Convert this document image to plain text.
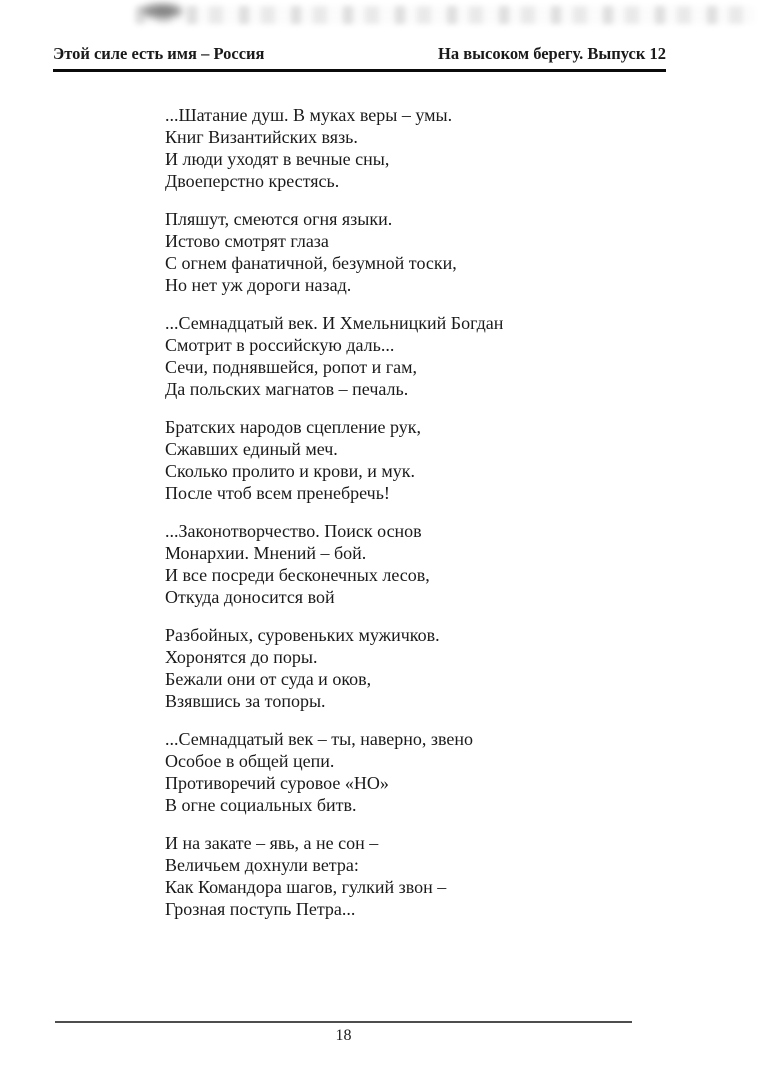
Этой силе есть имя – Россия	На высоком берегу. Выпуск 12

...Шатание душ. В муках веры – умы.

Книг Византийских вязь.

И люди уходят в вечные сны,

Двоеперстно крестясь.

Пляшут, смеются огня языки.

Истово смотрят глаза

С огнем фанатичной, безумной тоски,

Но нет уж дороги назад.

...Семнадцатый век. И Хмельницкий Богдан

Смотрит в российскую даль...

Сечи, поднявшейся, ропот и гам,

Да польских магнатов – печаль.

Братских народов сцепление рук,

Сжавших единый меч.

Сколько пролито и крови, и мук.

После чтоб всем пренебречь!

...Законотворчество. Поиск основ

Монархии. Мнений – бой.

И все посреди бесконечных лесов,

Откуда доносится вой

Разбойных, суровеньких мужичков.

Хоронятся до поры.

Бежали они от суда и оков,

Взявшись за топоры.

...Семнадцатый век – ты, наверно, звено

Особое в общей цепи.

Противоречий суровое «НО»

В огне социальных битв.

И на закате – явь, а не сон –

Величьем дохнули ветра:

Как Командора шагов, гулкий звон –

Грозная поступь Петра...

18
